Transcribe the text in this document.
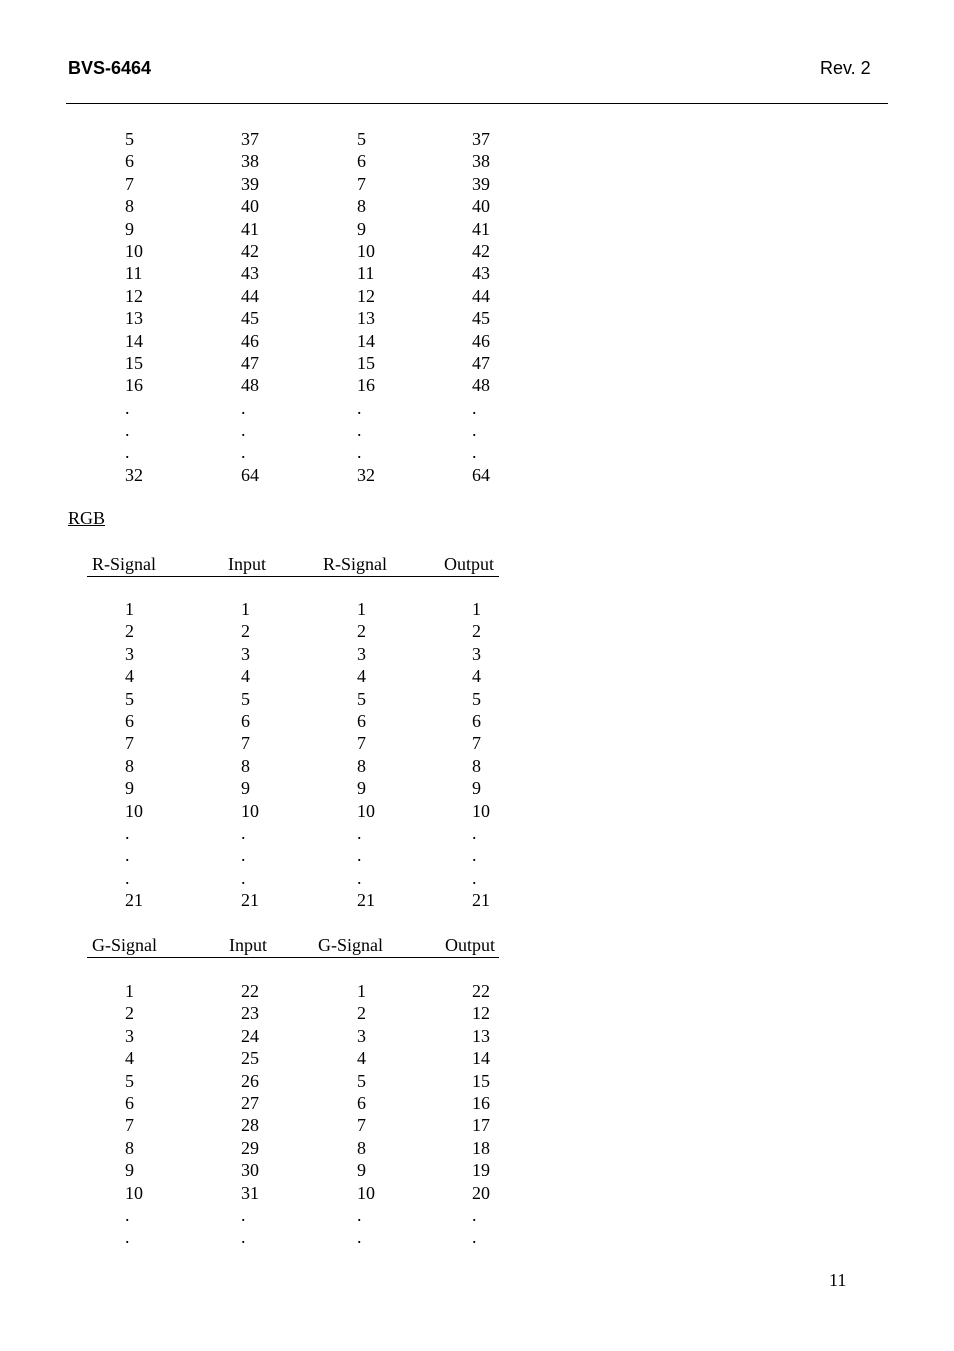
BVS-6464	Rev. 2
5	37	5	37
6	38	6	38
7	39	7	39
8	40	8	40
9	41	9	41
10	42	10	42
11	43	11	43
12	44	12	44
13	45	13	45
14	46	14	46
15	47	15	47
16	48	16	48
.	.	.	.
.	.	.	.
.	.	.	.
32	64	32	64
RGB
R-Signal	Input	R-Signal	Output
1	1	1	1
2	2	2	2
3	3	3	3
4	4	4	4
5	5	5	5
6	6	6	6
7	7	7	7
8	8	8	8
9	9	9	9
10	10	10	10
.	.	.	.
.	.	.	.
.	.	.	.
21	21	21	21
G-Signal	Input	G-Signal	Output
1	22	1	22
2	23	2	12
3	24	3	13
4	25	4	14
5	26	5	15
6	27	6	16
7	28	7	17
8	29	8	18
9	30	9	19
10	31	10	20
.	.	.	.
.	.	.	.
11
